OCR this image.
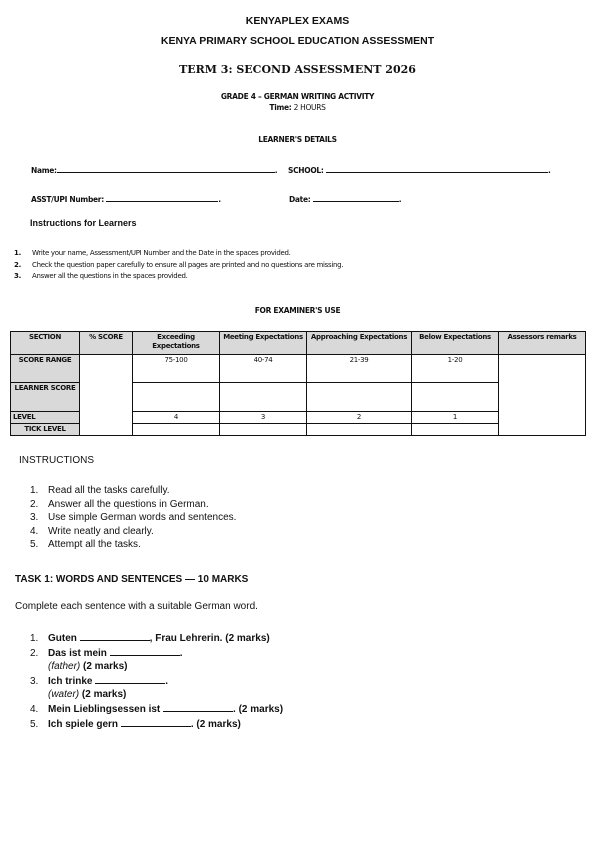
KENYAPLEX EXAMS
KENYA PRIMARY SCHOOL EDUCATION ASSESSMENT
TERM 3: SECOND ASSESSMENT 2026
GRADE 4 – GERMAN WRITING ACTIVITY
Time: 2 HOURS
LEARNER'S DETAILS
Name:	. SCHOOL:	.
ASST/UPI Number:	.	Date:	.
Instructions for Learners
1. Write your name, Assessment/UPI Number and the Date in the spaces provided.
2. Check the question paper carefully to ensure all pages are printed and no questions are missing.
3. Answer all the questions in the spaces provided.
FOR EXAMINER'S USE
SECTION	% SCORE	Exceeding Expectations	Meeting Expectations	Approaching Expectations	Below Expectations	Assessors remarks
SCORE RANGE		75-100	40-74	21-39	1-20	
LEARNER SCORE						
LEVEL		4	3	2	1	
TICK LEVEL						
INSTRUCTIONS
1. Read all the tasks carefully.
2. Answer all the questions in German.
3. Use simple German words and sentences.
4. Write neatly and clearly.
5. Attempt all the tasks.
TASK 1: WORDS AND SENTENCES — 10 MARKS
Complete each sentence with a suitable German word.
1. Guten	, Frau Lehrerin. (2 marks)
2. Das ist mein	.
(father) (2 marks)
3. Ich trinke	.
(water) (2 marks)
4. Mein Lieblingsessen ist	. (2 marks)
5. Ich spiele gern	. (2 marks)
